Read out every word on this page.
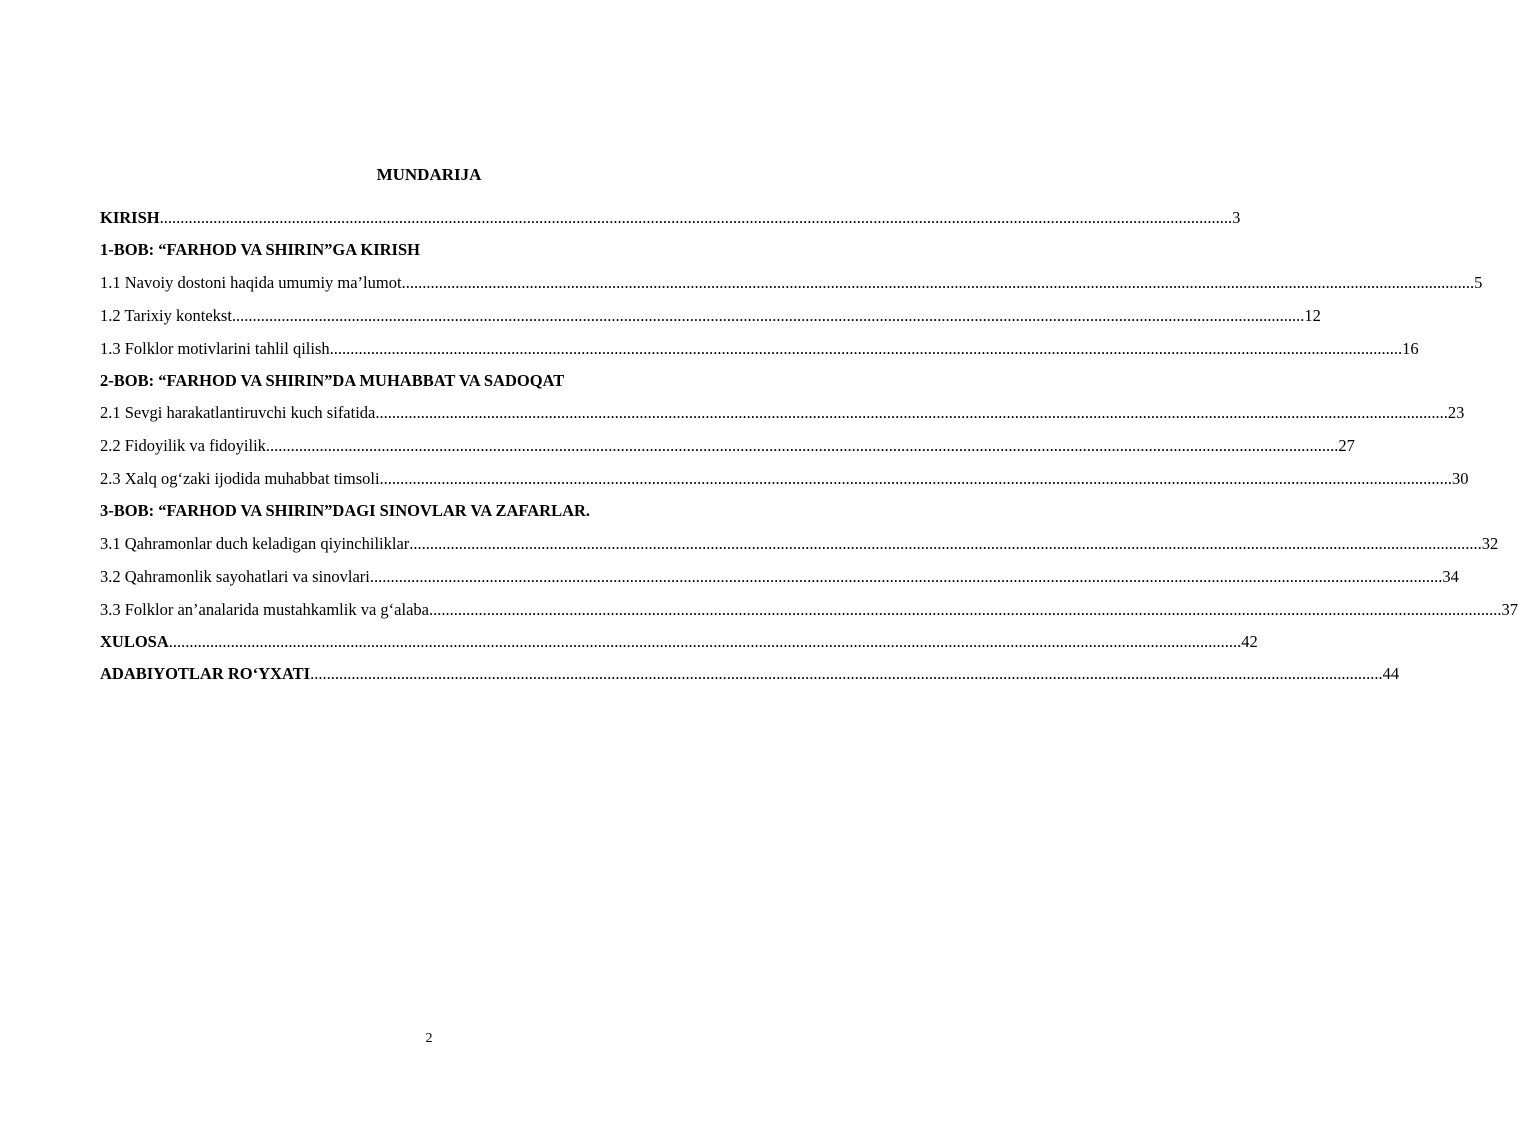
MUNDARIJA
KIRISH .....	3
1-BOB: “FARHOD VA SHIRIN”GA KIRISH
1.1 Navoiy dostoni haqida umumiy ma’lumot .....	5
1.2 Tarixiy kontekst .....	12
1.3 Folklor motivlarini tahlil qilish .....	16
2-BOB: “FARHOD VA SHIRIN”DA MUHABBAT VA SADOQAT
2.1 Sevgi harakatlantiruvchi kuch sifatida .....	23
2.2 Fidoyilik va fidoyilik .....	27
2.3 Xalq og‘zaki ijodida muhabbat timsoli .....	30
3-BOB: “FARHOD VA SHIRIN”DAGI SINOVLAR VA ZAFARLAR.
3.1 Qahramonlar duch keladigan qiyinchiliklar .....	32
3.2 Qahramonlik sayohatlari va sinovlari .....	34
3.3 Folklor an’analarida mustahkamlik va g‘alaba .....	37
XULOSA .....	42
ADABIYOTLAR RO‘YXATI .....	44
2
